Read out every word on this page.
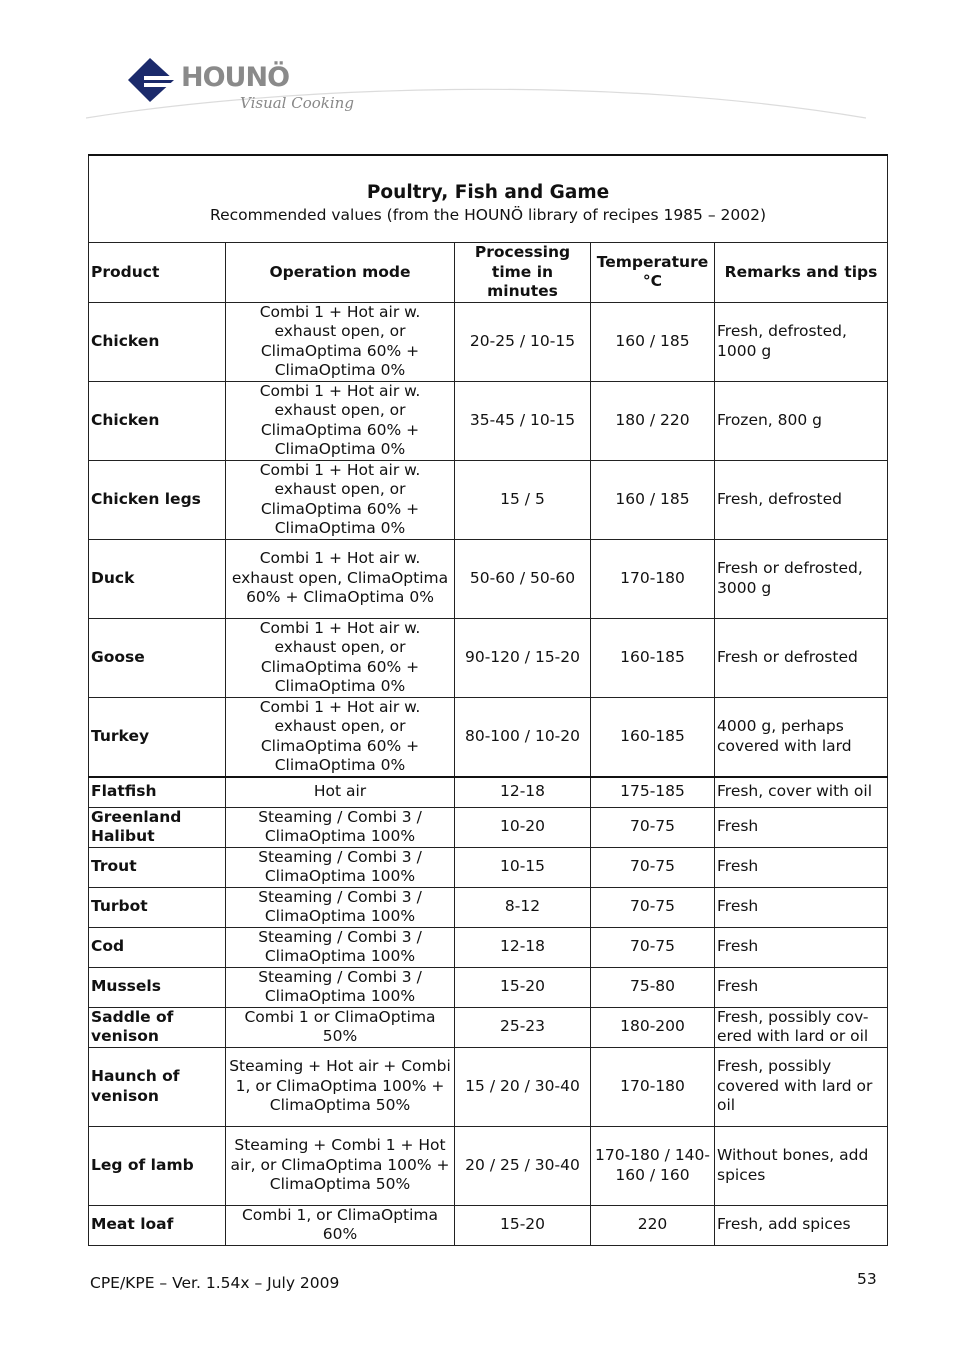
HOUNÖ
Visual Cooking
Poultry, Fish and Game
Recommended values (from the HOUNÖ library of recipes 1985 – 2002)				

Product	Operation mode	Processing time in minutes	Temperature °C	Remarks and tips
Chicken	Combi 1 + Hot air w. exhaust open, or ClimaOptima 60% + ClimaOptima 0%	20-25 / 10-15	160 / 185	Fresh, defrosted, 1000 g
Chicken	Combi 1 + Hot air w. exhaust open, or ClimaOptima 60% + ClimaOptima 0%	35-45 / 10-15	180 / 220	Frozen, 800 g
Chicken legs	Combi 1 + Hot air w. exhaust open, or ClimaOptima 60% + ClimaOptima 0%	15 / 5	160 / 185	Fresh, defrosted
Duck	Combi 1 + Hot air w. exhaust open, ClimaOptima 60% + ClimaOptima 0%	50-60 / 50-60	170-180	Fresh or defrosted, 3000 g
Goose	Combi 1 + Hot air w. exhaust open, or ClimaOptima 60% + ClimaOptima 0%	90-120 / 15-20	160-185	Fresh or defrosted
Turkey	Combi 1 + Hot air w. exhaust open, or ClimaOptima 60% + ClimaOptima 0%	80-100 / 10-20	160-185	4000 g, perhaps covered with lard
Flatfish	Hot air	12-18	175-185	Fresh, cover with oil
Greenland Halibut	Steaming / Combi 3 / ClimaOptima 100%	10-20	70-75	Fresh
Trout	Steaming / Combi 3 / ClimaOptima 100%	10-15	70-75	Fresh
Turbot	Steaming / Combi 3 / ClimaOptima 100%	8-12	70-75	Fresh
Cod	Steaming / Combi 3 / ClimaOptima 100%	12-18	70-75	Fresh
Mussels	Steaming / Combi 3 / ClimaOptima 100%	15-20	75-80	Fresh
Saddle of venison	Combi 1 or ClimaOptima 50%	25-23	180-200	Fresh, possibly cov-ered with lard or oil
Haunch of venison	Steaming + Hot air + Combi 1, or ClimaOptima 100% + ClimaOptima 50%	15 / 20 / 30-40	170-180	Fresh, possibly covered with lard or oil
Leg of lamb	Steaming + Combi 1 + Hot air, or ClimaOptima 100% + ClimaOptima 50%	20 / 25 / 30-40	170-180 / 140-160 / 160	Without bones, add spices
Meat loaf	Combi 1, or ClimaOptima 60%	15-20	220	Fresh, add spices
CPE/KPE – Ver. 1.54x – July 2009	53
